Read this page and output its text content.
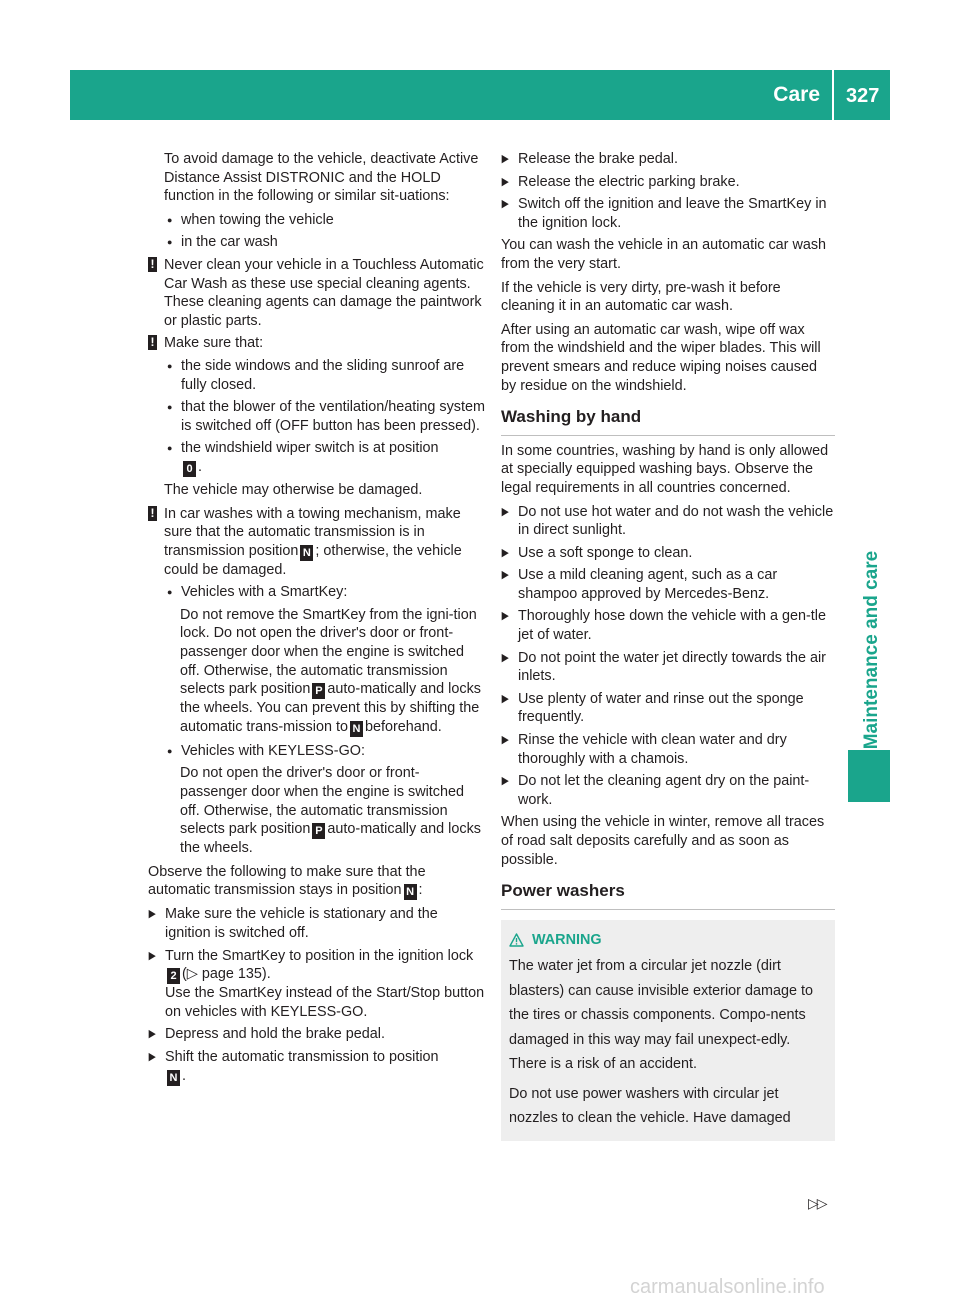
Care 327
Maintenance and care

To avoid damage to the vehicle, deactivate Active Distance Assist DISTRONIC and the HOLD function in the following or similar sit-uations:

● when towing the vehicle
● in the car wash
! Never clean your vehicle in a Touchless Automatic Car Wash as these use special cleaning agents. These cleaning agents can damage the paintwork or plastic parts.
! Make sure that:
● the side windows and the sliding sunroof are fully closed.
● that the blower of the ventilation/heating system is switched off (OFF button has been pressed).
● the windshield wiper switch is at position
0 .

The vehicle may otherwise be damaged.

! In car washes with a towing mechanism, make sure that the automatic transmission is in transmission position N ; otherwise, the vehicle could be damaged.
● Vehicles with a SmartKey:

Do not remove the SmartKey from the igni-tion lock. Do not open the driver's door or front-passenger door when the engine is switched off. Otherwise, the automatic transmission selects park position P auto-matically and locks the wheels. You can prevent this by shifting the automatic trans-mission to N beforehand.

● Vehicles with KEYLESS-GO:

Do not open the driver's door or front-passenger door when the engine is switched off. Otherwise, the automatic transmission selects park position P auto-matically and locks the wheels.

Observe the following to make sure that the automatic transmission stays in position N :

▶ Make sure the vehicle is stationary and the ignition is switched off.
▶ Turn the SmartKey to position in the ignition lock 2 (▷ page 135).
Use the SmartKey instead of the Start/Stop button on vehicles with KEYLESS-GO.
▶ Depress and hold the brake pedal.
▶ Shift the automatic transmission to position
N .
▶ Release the brake pedal.
▶ Release the electric parking brake.
▶ Switch off the ignition and leave the SmartKey in the ignition lock.

You can wash the vehicle in an automatic car wash from the very start.

If the vehicle is very dirty, pre-wash it before cleaning it in an automatic car wash.

After using an automatic car wash, wipe off wax from the windshield and the wiper blades. This will prevent smears and reduce wiping noises caused by residue on the windshield.

Washing by hand

In some countries, washing by hand is only allowed at specially equipped washing bays. Observe the legal requirements in all countries concerned.

▶ Do not use hot water and do not wash the vehicle in direct sunlight.
▶ Use a soft sponge to clean.
▶ Use a mild cleaning agent, such as a car shampoo approved by Mercedes-Benz.
▶ Thoroughly hose down the vehicle with a gen-tle jet of water.
▶ Do not point the water jet directly towards the air inlets.
▶ Use plenty of water and rinse out the sponge frequently.
▶ Rinse the vehicle with clean water and dry thoroughly with a chamois.
▶ Do not let the cleaning agent dry on the paint-work.

When using the vehicle in winter, remove all traces of road salt deposits carefully and as soon as possible.

Power washers
WARNING

The water jet from a circular jet nozzle (dirt blasters) can cause invisible exterior damage to the tires or chassis components. Compo-nents damaged in this way may fail unexpect-edly. There is a risk of an accident.

Do not use power washers with circular jet nozzles to clean the vehicle. Have damaged

▷▷
carmanualsonline.info
